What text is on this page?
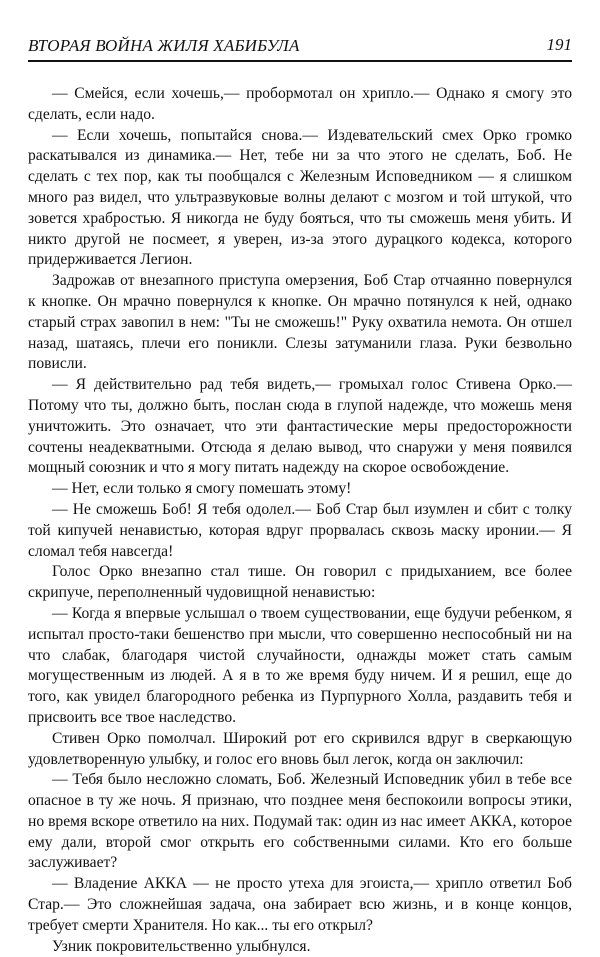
ВТОРАЯ ВОЙНА ЖИЛЯ ХАБИБУЛА	191

— Смейся, если хочешь,— пробормотал он хрипло.— Однако я смогу это сделать, если надо.

— Если хочешь, попытайся снова.— Издевательский смех Орко громко раскатывался из динамика.— Нет, тебе ни за что этого не сделать, Боб. Не сделать с тех пор, как ты пообщался с Железным Исповедником — я слишком много раз видел, что ультразвуковые волны делают с мозгом и той штукой, что зовется храбростью. Я никогда не буду бояться, что ты сможешь меня убить. И никто другой не посмеет, я уверен, из-за этого дурацкого кодекса, которого придерживается Легион.

Задрожав от внезапного приступа омерзения, Боб Стар отчаянно повернулся к кнопке. Он мрачно повернулся к кнопке. Он мрачно потянулся к ней, однако старый страх завопил в нем: "Ты не сможешь!" Руку охватила немота. Он отшел назад, шатаясь, плечи его поникли. Слезы затуманили глаза. Руки безвольно повисли.

— Я действительно рад тебя видеть,— громыхал голос Стивена Орко.— Потому что ты, должно быть, послан сюда в глупой надежде, что можешь меня уничтожить. Это означает, что эти фантастические меры предосторожности сочтены неадекватными. Отсюда я делаю вывод, что снаружи у меня появился мощный союзник и что я могу питать надежду на скорое освобождение.

— Нет, если только я смогу помешать этому!

— Не сможешь Боб! Я тебя одолел.— Боб Стар был изумлен и сбит с толку той кипучей ненавистью, которая вдруг прорвалась сквозь маску иронии.— Я сломал тебя навсегда!

Голос Орко внезапно стал тише. Он говорил с придыханием, все более скрипуче, переполненный чудовищной ненавистью:

— Когда я впервые услышал о твоем существовании, еще будучи ребенком, я испытал просто-таки бешенство при мысли, что совершенно неспособный ни на что слабак, благодаря чистой случайности, однажды может стать самым могущественным из людей. А я в то же время буду ничем. И я решил, еще до того, как увидел благородного ребенка из Пурпурного Холла, раздавить тебя и присвоить все твое наследство.

Стивен Орко помолчал. Широкий рот его скривился вдруг в сверкающую удовлетворенную улыбку, и голос его вновь был легок, когда он заключил:

— Тебя было несложно сломать, Боб. Железный Исповедник убил в тебе все опасное в ту же ночь. Я признаю, что позднее меня беспокоили вопросы этики, но время вскоре ответило на них. Подумай так: один из нас имеет АККА, которое ему дали, второй смог открыть его собственными силами. Кто его больше заслуживает?

— Владение АККА — не просто утеха для эгоиста,— хрипло ответил Боб Стар.— Это сложнейшая задача, она забирает всю жизнь, и в конце концов, требует смерти Хранителя. Но как... ты его открыл?

Узник покровительственно улыбнулся.
